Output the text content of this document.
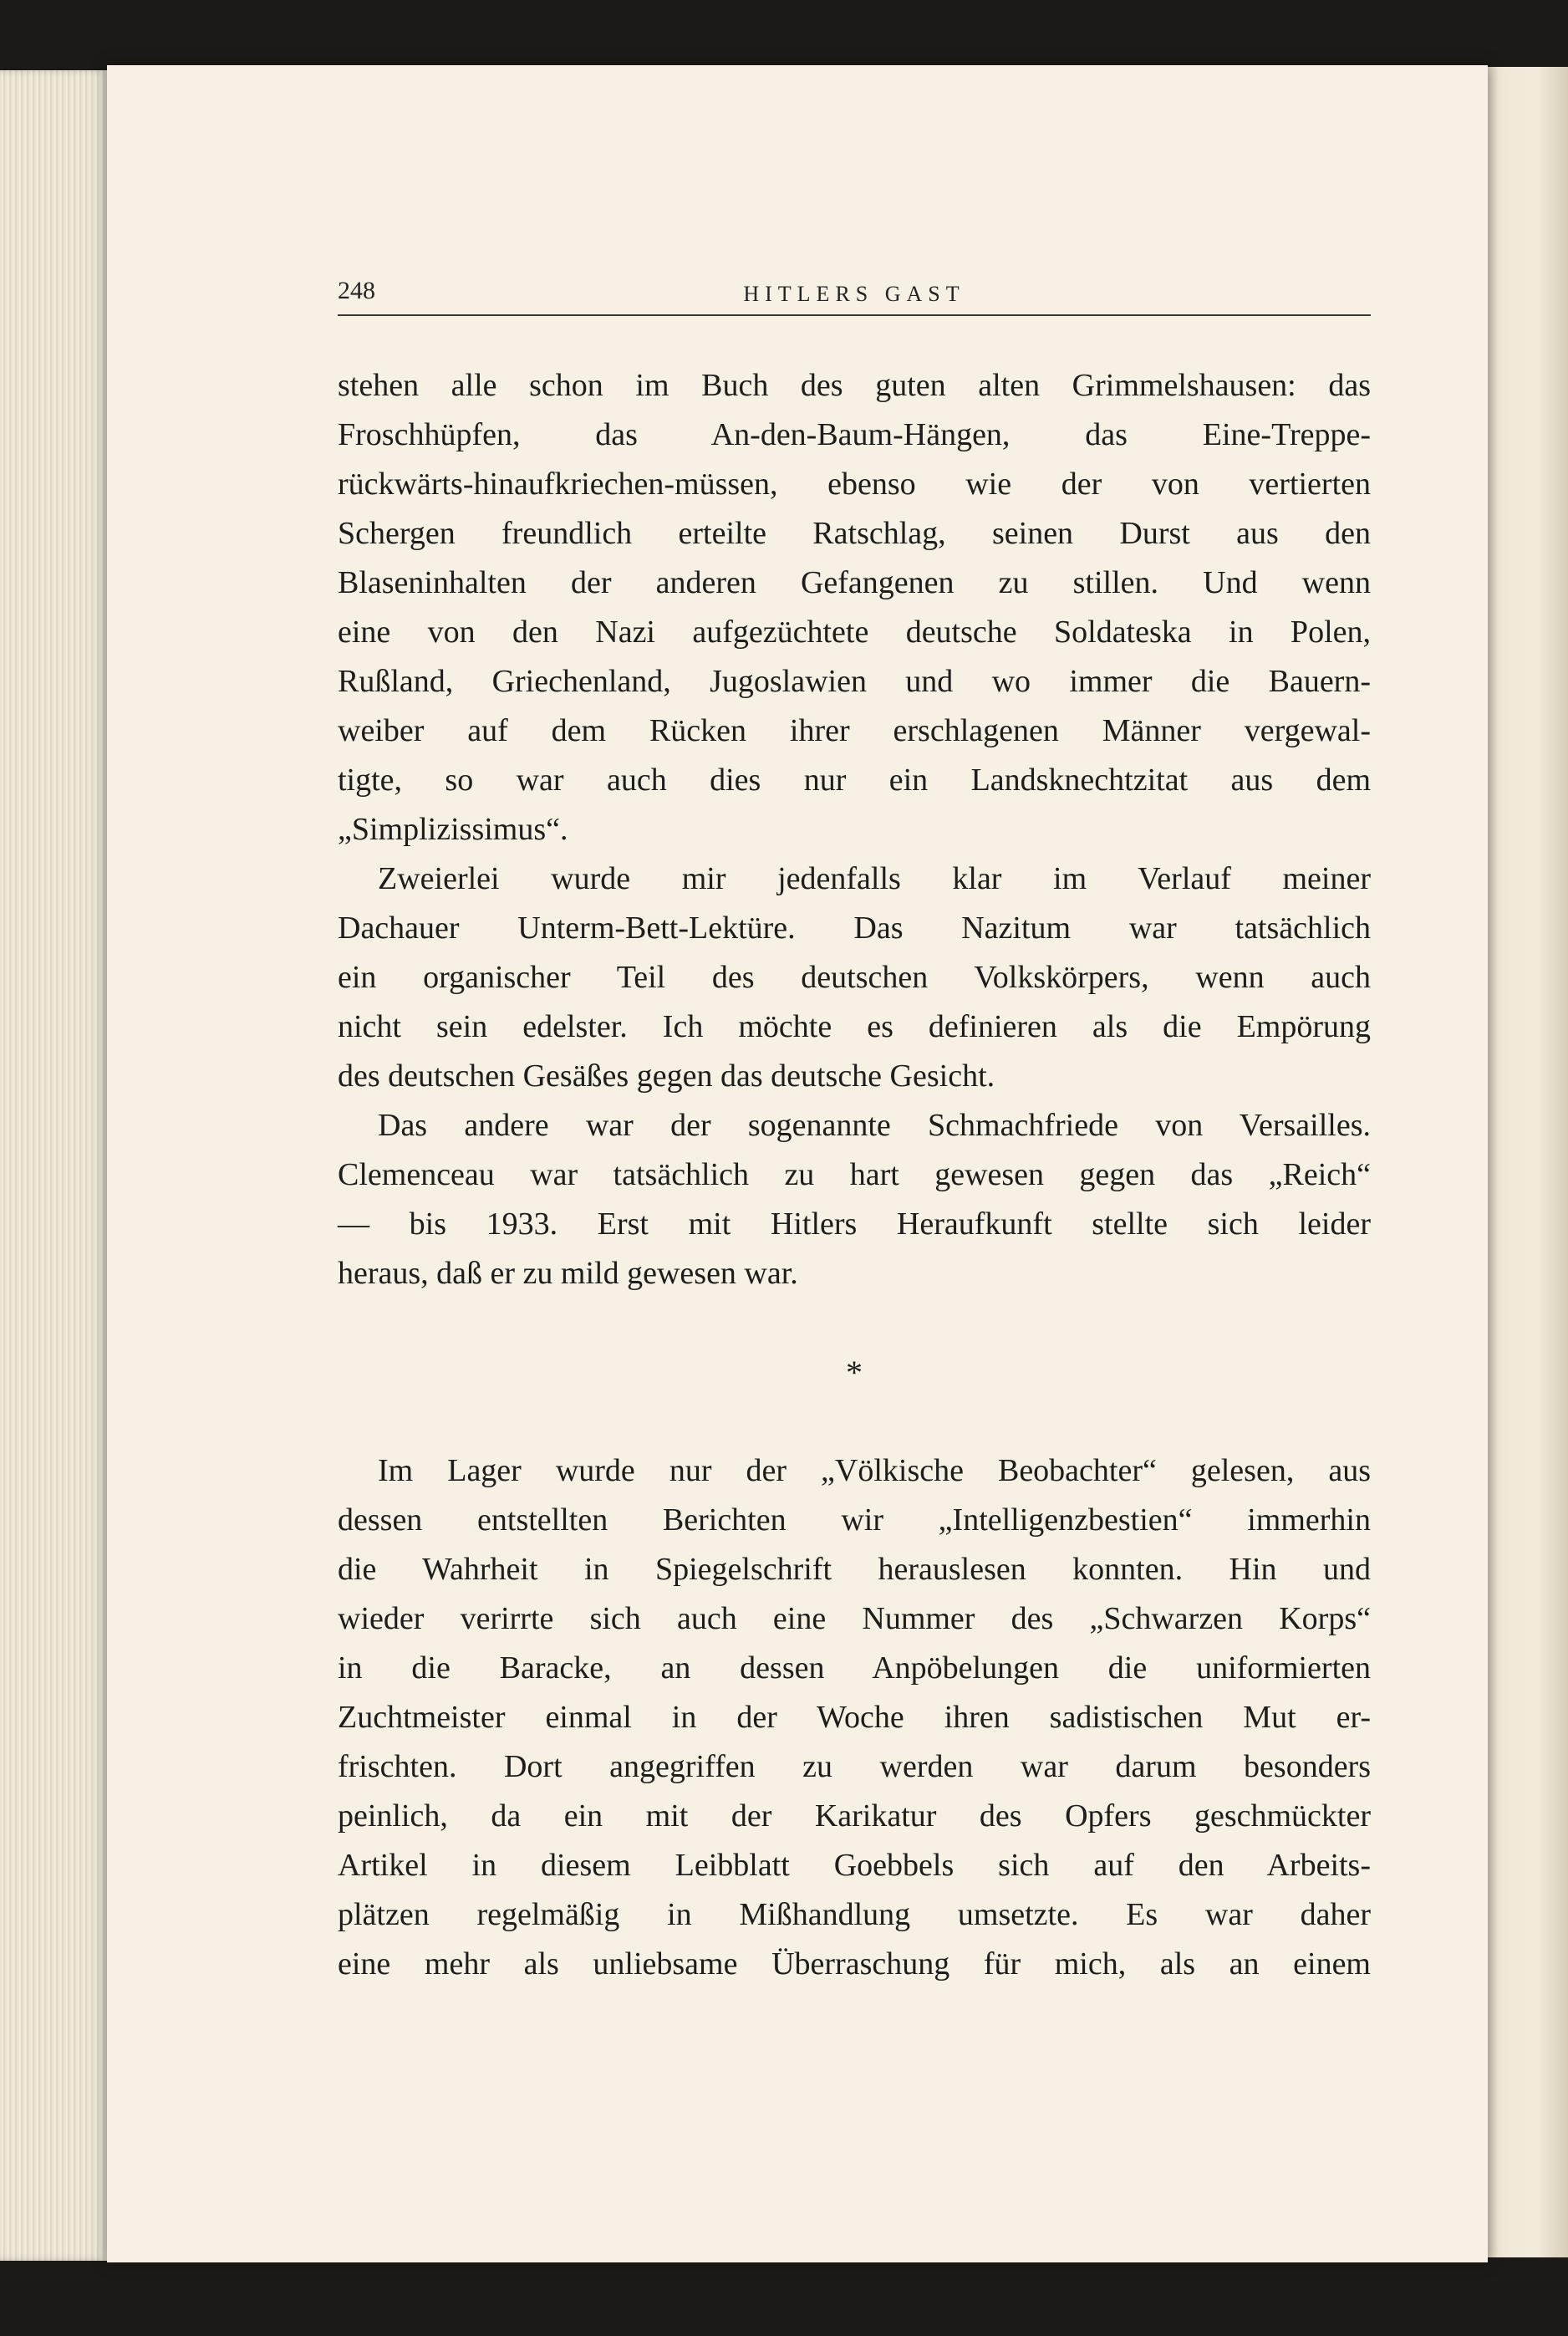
248	HITLERS GAST
stehen alle schon im Buch des guten alten Grimmelshausen: das
Froschhüpfen, das An-den-Baum-Hängen, das Eine-Treppe-
rückwärts-hinaufkriechen-müssen, ebenso wie der von vertierten
Schergen freundlich erteilte Ratschlag, seinen Durst aus den
Blaseninhalten der anderen Gefangenen zu stillen. Und wenn
eine von den Nazi aufgezüchtete deutsche Soldateska in Polen,
Rußland, Griechenland, Jugoslawien und wo immer die Bauern-
weiber auf dem Rücken ihrer erschlagenen Männer vergewal-
tigte, so war auch dies nur ein Landsknechtzitat aus dem
„Simplizissimus“.
Zweierlei wurde mir jedenfalls klar im Verlauf meiner
Dachauer Unterm-Bett-Lektüre. Das Nazitum war tatsächlich
ein organischer Teil des deutschen Volkskörpers, wenn auch
nicht sein edelster. Ich möchte es definieren als die Empörung
des deutschen Gesäßes gegen das deutsche Gesicht.
Das andere war der sogenannte Schmachfriede von Versailles.
Clemenceau war tatsächlich zu hart gewesen gegen das „Reich“
— bis 1933. Erst mit Hitlers Heraufkunft stellte sich leider
heraus, daß er zu mild gewesen war.
*
Im Lager wurde nur der „Völkische Beobachter“ gelesen, aus
dessen entstellten Berichten wir „Intelligenzbestien“ immerhin
die Wahrheit in Spiegelschrift herauslesen konnten. Hin und
wieder verirrte sich auch eine Nummer des „Schwarzen Korps“
in die Baracke, an dessen Anpöbelungen die uniformierten
Zuchtmeister einmal in der Woche ihren sadistischen Mut er-
frischten. Dort angegriffen zu werden war darum besonders
peinlich, da ein mit der Karikatur des Opfers geschmückter
Artikel in diesem Leibblatt Goebbels sich auf den Arbeits-
plätzen regelmäßig in Mißhandlung umsetzte. Es war daher
eine mehr als unliebsame Überraschung für mich, als an einem
